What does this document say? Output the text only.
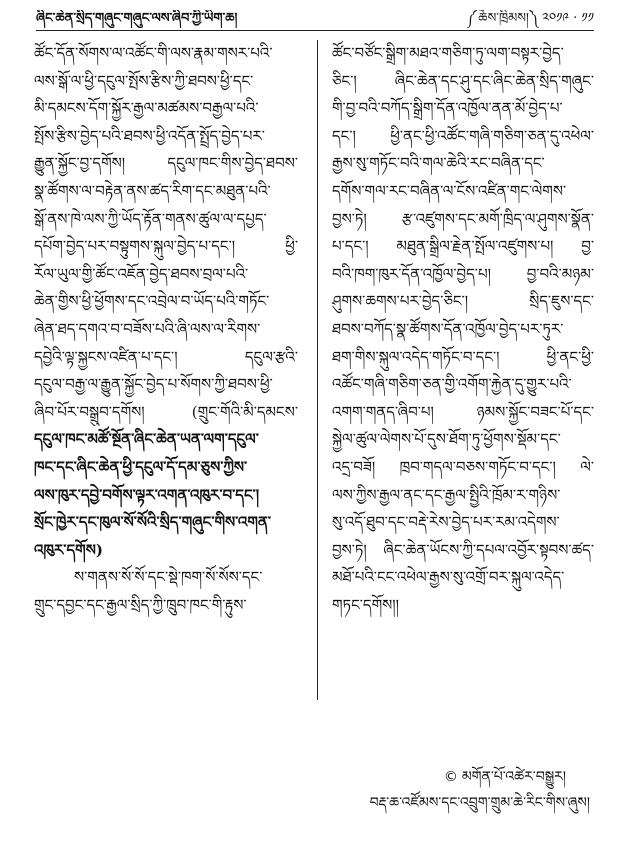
ཞིང་ཆེན་སྲིད་གཞུང་གཞུང་ལས་ཞིབ་ཀྱི་ཡིག་ཆ།	༼ཆོས་ཁྲིམས།༽ ༢༠༡༩ · ༡༡
ཚོང་དོན་སོགས་ལ་འཚོང་གི་ལས་རྣམ་གསར་པའི་
ལས་སྒོ་ལ་ཕྱི་དངུལ་སྤོས་རྩིས་ཀྱི་ཐབས་ཕྱི་དང་
མི་དམངས་དོག་སྐྱོར་རྒྱལ་མཚམས་བརྒྱལ་པའི་
སྤོས་རྩིས་བྱེད་པའི་ཐབས་ཕྱི་འདོན་སྤྲོད་བྱེད་པར་
རྒྱུན་སྐྱོང་བྱ་དགོས། དངུལ་ཁང་གིས་བྱེད་ཐབས་
སྣ་ཚོགས་ལ་བརྟེན་ནས་ཚད་རིག་དང་མཐུན་པའི་
སྒོ་ནས་ཁེ་ལས་ཀྱི་ཡོད་རྟོན་གནས་ཚུལ་ལ་དཔྱད་
དཔོག་བྱེད་པར་བསྟུགས་སྐུལ་བྱེད་པ་དང་། ཕྱི་
རོལ་ཡུལ་གྱི་ཚོང་འཇོན་བྱེད་ཐབས་བྲལ་པའི་
ཆེན་གྱིས་ཕྱི་ཕྱོགས་དང་འབྲེལ་བ་ཡོད་པའི་གཏོང་
ཞེན་ཐད་དགའ་བ་བཟོས་པའི་ཞི་ལས་ལ་རིགས་
དབྱེའི་ལྟ་སྐྱངས་འཛིན་པ་དང་། དངུལ་རྩའི་
དངུལ་བརྒྱ་ལ་རྒྱུན་སྐྱོང་བྱེད་པ་སོགས་ཀྱི་ཐབས་ཕྱི་
ཞིབ་པོར་བསྒྲུབ་དགོས། (གྲུང་གོའི་མི་དམངས་
དངུལ་ཁང་མཚོ་སྔོན་ཞིང་ཆེན་ཡན་ལག་དངུལ་
ཁང་དང་ཞིང་ཆེན་ཕྱི་དངུལ་དོ་དམ་ཅུས་ཀྱིས་
ལས་ཁུར་དབྱེ་བགོས་ལྟར་འགན་འཁུར་བ་དང་།
སྲོང་ཁྱེར་དང་ཁུལ་སོ་སོའི་སྲིད་གཞུང་གིས་འགན་
འཁུར་དགོས)
ས་གནས་སོ་སོ་དང་སྡེ་ཁག་སོ་སོས་དང་
གྲུང་དབྱང་དང་རྒྱལ་སྲིད་ཀྱི་ཁྲུབ་ཁང་གི་རྟུས་
ཚོང་བཙོང་སྒྲིག་མཐའ་གཅིག་ཏུ་ལག་བསྟར་བྱེད་
ཅིང་། ཞིང་ཆེན་དང་ཤུ་དང་ཞིང་ཆེན་སྲིད་གཞུང་
གི་བྱ་བའི་བཀོད་སྒྲིག་དོན་འཁྱོལ་ནན་མོ་བྱེད་པ་
དང་། ཕྱི་ནང་ཕྱི་འཚོང་གཞི་གཅིག་ཅན་དུ་འཕེལ་
རྒྱས་སུ་གཏོང་བའི་གལ་ཆེའི་རང་བཞིན་དང་
དགོས་གལ་རང་བཞིན་ལ་ངོས་འཛིན་གང་ལེགས་
བྱས་ཏེ། རྩ་འཛུགས་དང་མགོ་ཁྲིད་ལ་ཤུགས་སྣོན་
པ་དང་། མཐུན་སྒྲིལ་རྗེན་སྤོལ་འཛུགས་པ། བྱ་
བའི་ཁག་ཁུར་དོན་འཁྱོལ་བྱེད་པ། བྱ་བའི་མཉམ་
ཤུགས་ཆགས་པར་བྱེད་ཅིང་། སྲིད་ཇུས་དང་
ཐབས་བཀོད་སྣ་ཚོགས་དོན་འཁྱོལ་བྱེད་པར་ཏུར་
ཐག་གིས་སྐུལ་འདེད་གཏོང་བ་དང་། ཕྱི་ནང་ཕྱི་
འཚོང་གཞི་གཅིག་ཅན་གྱི་འགོག་རྐྱེན་དུ་གྱུར་པའི་
འགག་གནད་ཞིབ་པ། ཉམས་སྐྱོང་བཟང་པོ་དང་
སྐྱེལ་ཚུལ་ལེགས་པོ་དུས་ཐོག་ཏུ་ཕྱོགས་སྡོམ་དང་
འདྲ་བཟོ། ཁྲབ་གདལ་བཅས་གཏོང་བ་དང་། ལེ་
ལས་ཀྱིས་རྒྱལ་ནང་དང་རྒྱལ་སྤྱིའི་ཁྲོམ་ར་གཉིས་
སུ་འདོ་ཐུབ་དང་བརྡེ་རེས་བྱེད་པར་རམ་འདེགས་
བྱས་ཏེ། ཞིང་ཆེན་ཡོངས་ཀྱི་དཔལ་འབྱོར་སྟབས་ཚད་
མཐོ་པའི་ངང་འཕེལ་རྒྱས་སུ་འགྲོ་བར་སྐུལ་འདེད་
གཏང་དགོས།།
© མགོན་པོ་འཚེར་བསྒྱུར།
བརྡ་ཆ་འཛོམས་དང་འབྲུག་གྲུམ་ཆེ་རིང་གིས་ཞུས།
